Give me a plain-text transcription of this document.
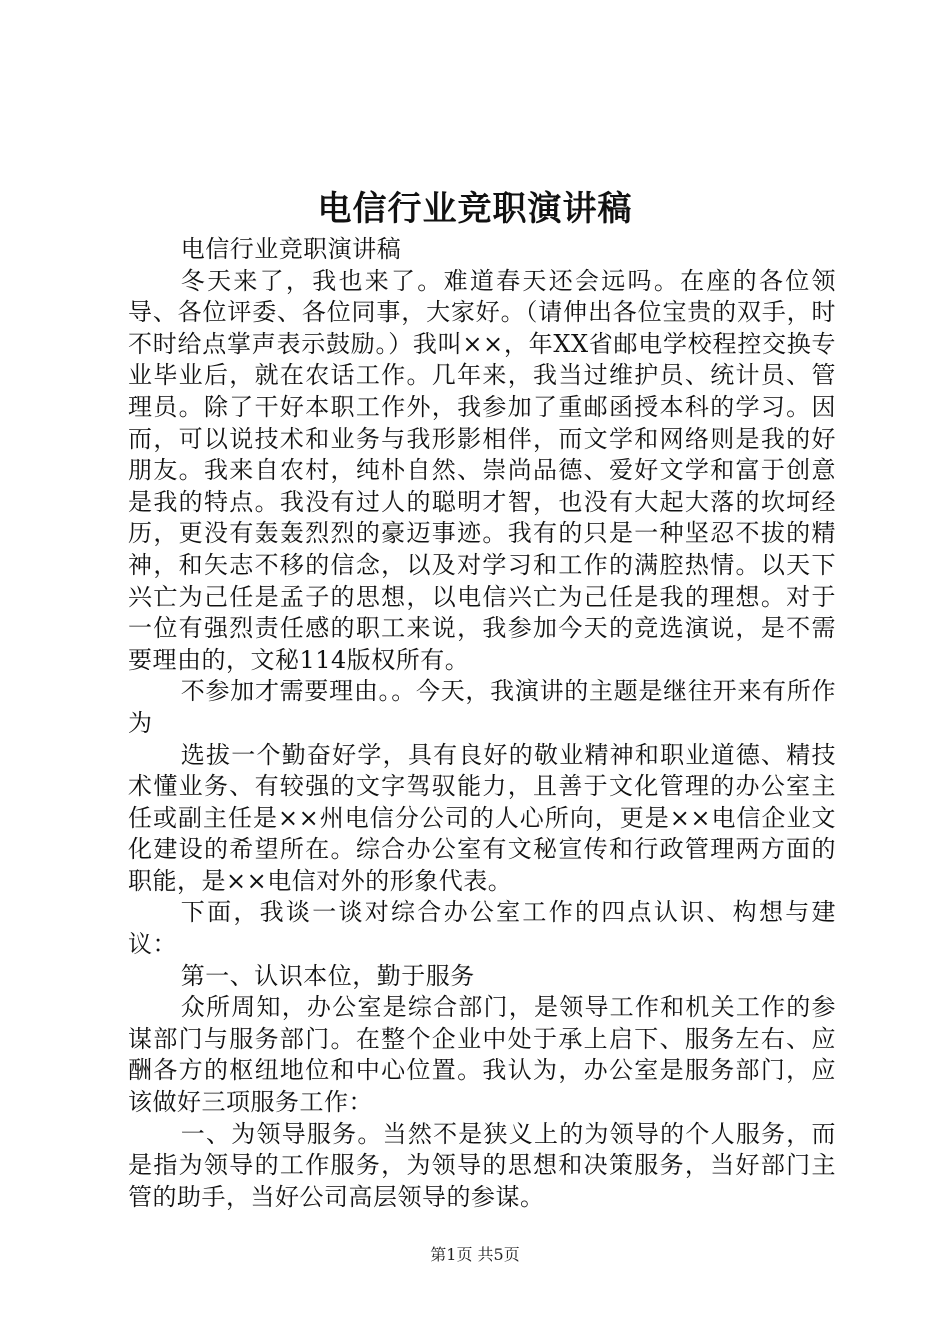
电信行业竞职演讲稿

电信行业竞职演讲稿

冬天来了，我也来了。难道春天还会远吗。在座的各位领导、各位评委、各位同事，大家好。（请伸出各位宝贵的双手，时不时给点掌声表示鼓励。）我叫××，年XX省邮电学校程控交换专业毕业后，就在农话工作。几年来，我当过维护员、统计员、管理员。除了干好本职工作外，我参加了重邮函授本科的学习。因而，可以说技术和业务与我形影相伴，而文学和网络则是我的好朋友。我来自农村，纯朴自然、崇尚品德、爱好文学和富于创意是我的特点。我没有过人的聪明才智，也没有大起大落的坎坷经历，更没有轰轰烈烈的豪迈事迹。我有的只是一种坚忍不拔的精神，和矢志不移的信念，以及对学习和工作的满腔热情。以天下兴亡为己任是孟子的思想，以电信兴亡为己任是我的理想。对于一位有强烈责任感的职工来说，我参加今天的竞选演说，是不需要理由的，文秘114版权所有。

不参加才需要理由。。今天，我演讲的主题是继往开来有所作为

选拔一个勤奋好学，具有良好的敬业精神和职业道德、精技术懂业务、有较强的文字驾驭能力，且善于文化管理的办公室主任或副主任是××州电信分公司的人心所向，更是××电信企业文化建设的希望所在。综合办公室有文秘宣传和行政管理两方面的职能，是××电信对外的形象代表。

下面，我谈一谈对综合办公室工作的四点认识、构想与建议：

第一、认识本位，勤于服务

众所周知，办公室是综合部门，是领导工作和机关工作的参谋部门与服务部门。在整个企业中处于承上启下、服务左右、应酬各方的枢纽地位和中心位置。我认为，办公室是服务部门，应该做好三项服务工作：

一、为领导服务。当然不是狭义上的为领导的个人服务，而是指为领导的工作服务，为领导的思想和决策服务，当好部门主管的助手，当好公司高层领导的参谋。

第1页 共5页
